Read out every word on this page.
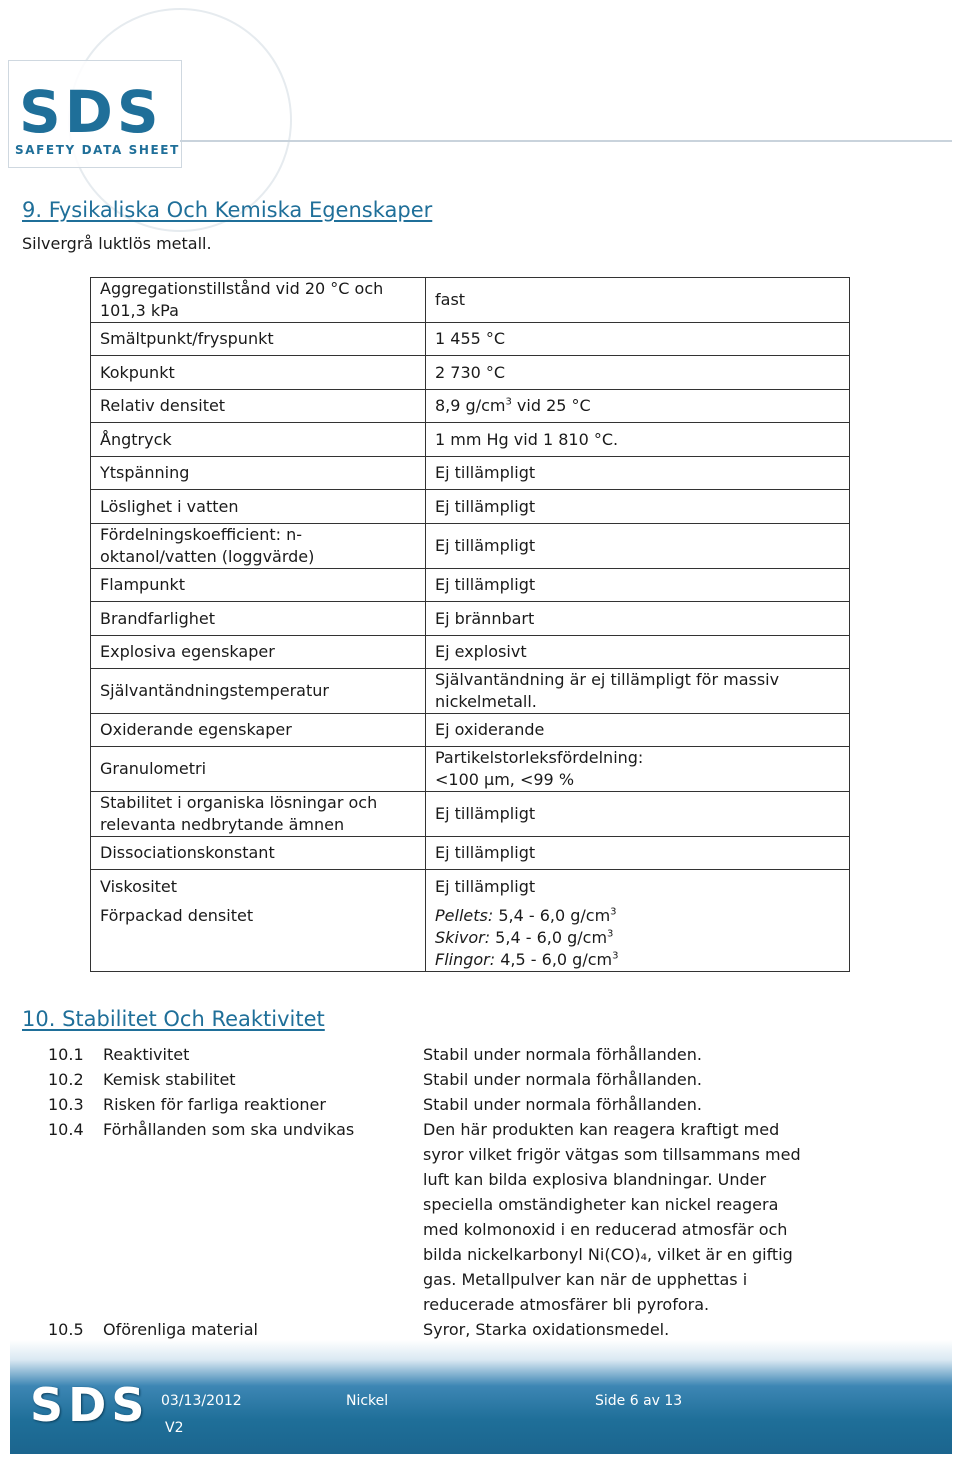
SDS
SAFETY DATA SHEET
9. Fysikaliska Och Kemiska Egenskaper
Silvergrå luktlös metall.
Aggregationstillstånd vid 20 °C och 101,3 kPa	fast
Smältpunkt/fryspunkt	1 455 °C
Kokpunkt	2 730 °C
Relativ densitet	8,9 $g/cm^3$ vid 25 °C
Ångtryck	1 mm Hg vid 1 810 °C.
Ytspänning	Ej tillämpligt
Löslighet i vatten	Ej tillämpligt
Fördelningskoefficient: n-oktanol/vatten (loggvärde)	Ej tillämpligt
Flampunkt	Ej tillämpligt
Brandfarlighet	Ej brännbart
Explosiva egenskaper	Ej explosivt
Självantändningstemperatur	Självantändning är ej tillämpligt för massiv nickelmetall.
Oxiderande egenskaper	Ej oxiderande
Granulometri	Partikelstorleksfördelning:
<100 µm, <99 %

Stabilitet i organiska lösningar och relevanta nedbrytande ämnen	Ej tillämpligt
Dissociationskonstant	Ej tillämpligt
Viskositet	Ej tillämpligt
Förpackad densitet	Pellets: 5,4 - 6,0 $g/cm^3$
Skivor: 5,4 - 6,0 $g/cm^3$
Flingor: 4,5 - 6,0 $g/cm^3$
10. Stabilitet Och Reaktivitet
10.1	Reaktivitet	Stabil under normala förhållanden.
10.2	Kemisk stabilitet	Stabil under normala förhållanden.
10.3	Risken för farliga reaktioner	Stabil under normala förhållanden.
10.4	Förhållanden som ska undvikas	Den här produkten kan reagera kraftigt med syror vilket frigör vätgas som tillsammans med luft kan bilda explosiva blandningar. Under speciella omständigheter kan nickel reagera med kolmonoxid i en reducerad atmosfär och bilda nickelkarbonyl Ni(CO)₄, vilket är en giftig gas. Metallpulver kan när de upphettas i reducerade atmosfärer bli pyrofora.
10.5	Oförenliga material	Syror, Starka oxidationsmedel.
SDS 03/13/2012
V2
Nickel	Side 6 av 13
